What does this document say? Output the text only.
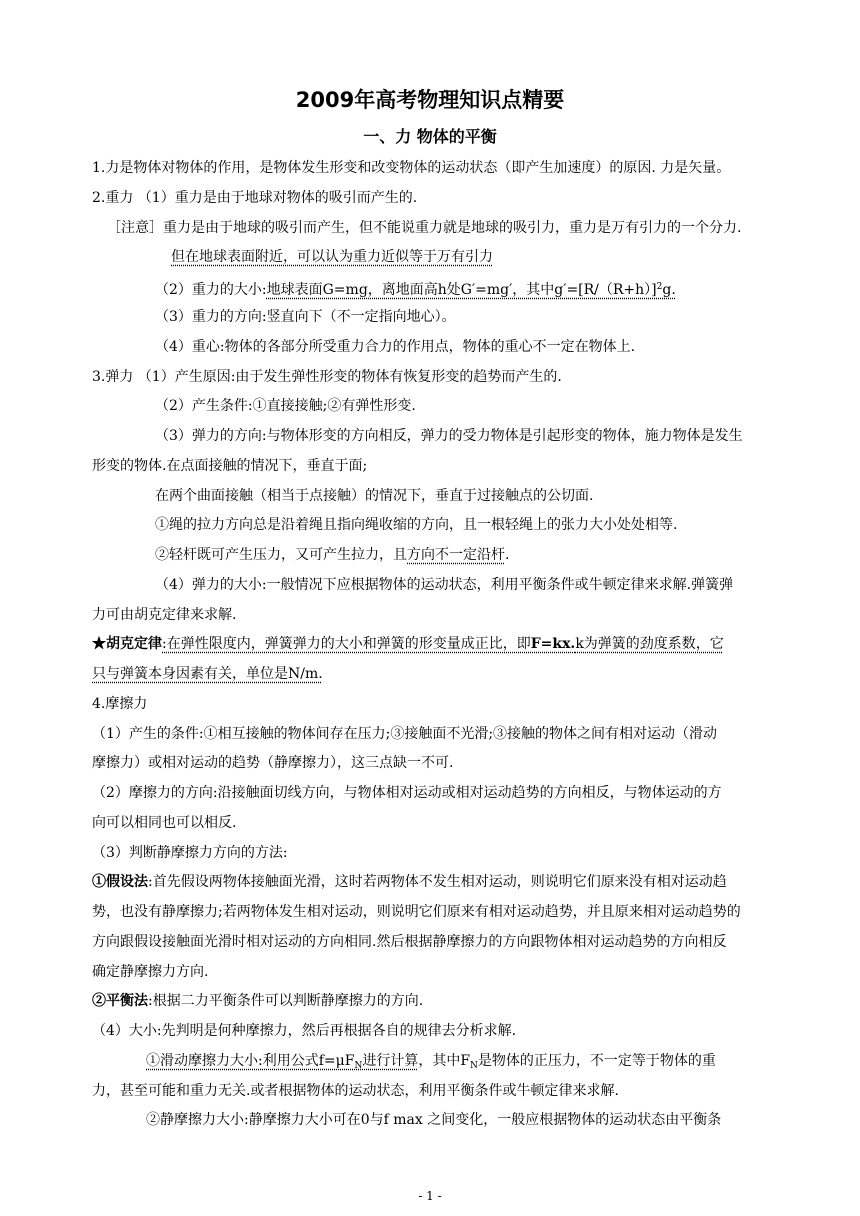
2009年高考物理知识点精要
一、力 物体的平衡
1.力是物体对物体的作用，是物体发生形变和改变物体的运动状态（即产生加速度）的原因. 力是矢量。
2.重力 （1）重力是由于地球对物体的吸引而产生的.
［注意］重力是由于地球的吸引而产生，但不能说重力就是地球的吸引力，重力是万有引力的一个分力.
但在地球表面附近，可以认为重力近似等于万有引力
（2）重力的大小:地球表面G=mg，离地面高h处G′=mg′，其中$g'=[R/(R+h)]^2g$.
（3）重力的方向:竖直向下（不一定指向地心）。
（4）重心:物体的各部分所受重力合力的作用点，物体的重心不一定在物体上.
3.弹力 （1）产生原因:由于发生弹性形变的物体有恢复形变的趋势而产生的.
（2）产生条件:①直接接触;②有弹性形变.
（3）弹力的方向:与物体形变的方向相反，弹力的受力物体是引起形变的物体，施力物体是发生
形变的物体.在点面接触的情况下，垂直于面;
在两个曲面接触（相当于点接触）的情况下，垂直于过接触点的公切面.
①绳的拉力方向总是沿着绳且指向绳收缩的方向，且一根轻绳上的张力大小处处相等.
②轻杆既可产生压力，又可产生拉力，且方向不一定沿杆.
（4）弹力的大小:一般情况下应根据物体的运动状态，利用平衡条件或牛顿定律来求解.弹簧弹
力可由胡克定律来求解.
★胡克定律:在弹性限度内，弹簧弹力的大小和弹簧的形变量成正比，即F=kx.k为弹簧的劲度系数，它
只与弹簧本身因素有关，单位是N/m.
4.摩擦力
（1）产生的条件:①相互接触的物体间存在压力;③接触面不光滑;③接触的物体之间有相对运动（滑动
摩擦力）或相对运动的趋势（静摩擦力），这三点缺一不可.
（2）摩擦力的方向:沿接触面切线方向，与物体相对运动或相对运动趋势的方向相反，与物体运动的方
向可以相同也可以相反.
（3）判断静摩擦力方向的方法:
①假设法:首先假设两物体接触面光滑，这时若两物体不发生相对运动，则说明它们原来没有相对运动趋
势，也没有静摩擦力;若两物体发生相对运动，则说明它们原来有相对运动趋势，并且原来相对运动趋势的
方向跟假设接触面光滑时相对运动的方向相同.然后根据静摩擦力的方向跟物体相对运动趋势的方向相反
确定静摩擦力方向.
②平衡法:根据二力平衡条件可以判断静摩擦力的方向.
（4）大小:先判明是何种摩擦力，然后再根据各自的规律去分析求解.
①滑动摩擦力大小:利用公式$f=\mu F_N$进行计算，其中$F_N$是物体的正压力，不一定等于物体的重
力，甚至可能和重力无关.或者根据物体的运动状态，利用平衡条件或牛顿定律来求解.
②静摩擦力大小:静摩擦力大小可在0与f max 之间变化，一般应根据物体的运动状态由平衡条
- 1 -
